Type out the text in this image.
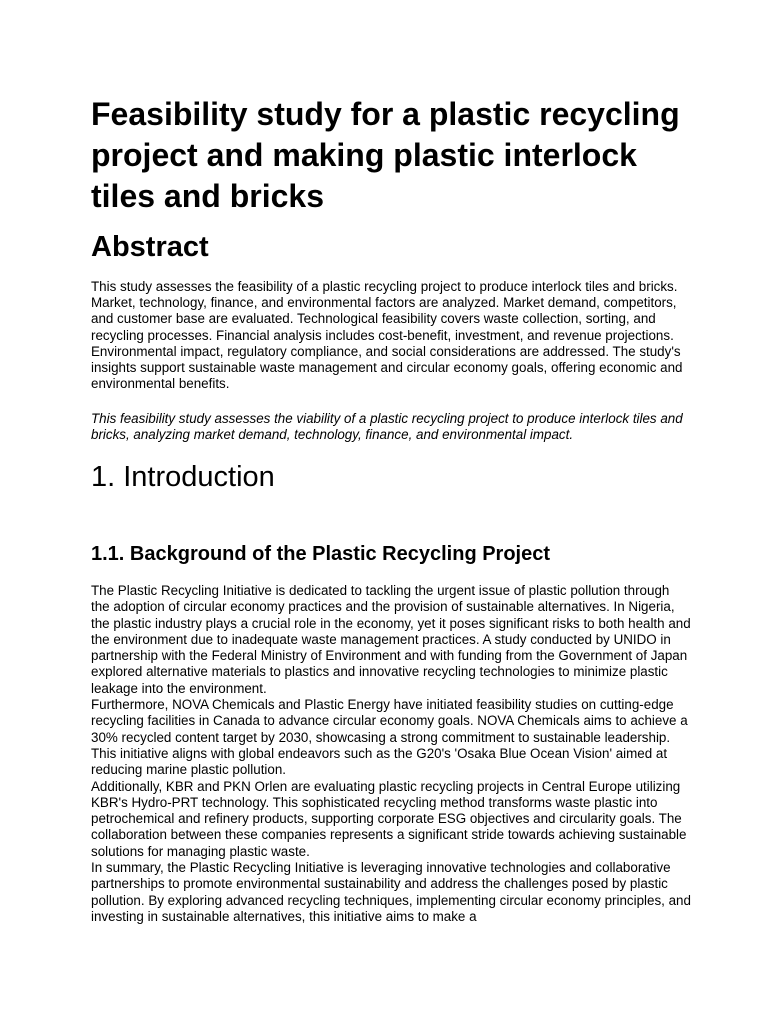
Feasibility study for a plastic recycling project and making plastic interlock tiles and bricks
Abstract

This study assesses the feasibility of a plastic recycling project to produce interlock tiles and bricks. Market, technology, finance, and environmental factors are analyzed. Market demand, competitors, and customer base are evaluated. Technological feasibility covers waste collection, sorting, and recycling processes. Financial analysis includes cost-benefit, investment, and revenue projections. Environmental impact, regulatory compliance, and social considerations are addressed. The study's insights support sustainable waste management and circular economy goals, offering economic and environmental benefits.

This feasibility study assesses the viability of a plastic recycling project to produce interlock tiles and bricks, analyzing market demand, technology, finance, and environmental impact.

1. Introduction
1.1. Background of the Plastic Recycling Project

The Plastic Recycling Initiative is dedicated to tackling the urgent issue of plastic pollution through the adoption of circular economy practices and the provision of sustainable alternatives. In Nigeria, the plastic industry plays a crucial role in the economy, yet it poses significant risks to both health and the environment due to inadequate waste management practices. A study conducted by UNIDO in partnership with the Federal Ministry of Environment and with funding from the Government of Japan explored alternative materials to plastics and innovative recycling technologies to minimize plastic leakage into the environment.

Furthermore, NOVA Chemicals and Plastic Energy have initiated feasibility studies on cutting-edge recycling facilities in Canada to advance circular economy goals. NOVA Chemicals aims to achieve a 30% recycled content target by 2030, showcasing a strong commitment to sustainable leadership. This initiative aligns with global endeavors such as the G20's 'Osaka Blue Ocean Vision' aimed at reducing marine plastic pollution.

Additionally, KBR and PKN Orlen are evaluating plastic recycling projects in Central Europe utilizing KBR's Hydro-PRT technology. This sophisticated recycling method transforms waste plastic into petrochemical and refinery products, supporting corporate ESG objectives and circularity goals. The collaboration between these companies represents a significant stride towards achieving sustainable solutions for managing plastic waste.

In summary, the Plastic Recycling Initiative is leveraging innovative technologies and collaborative partnerships to promote environmental sustainability and address the challenges posed by plastic pollution. By exploring advanced recycling techniques, implementing circular economy principles, and investing in sustainable alternatives, this initiative aims to make a
